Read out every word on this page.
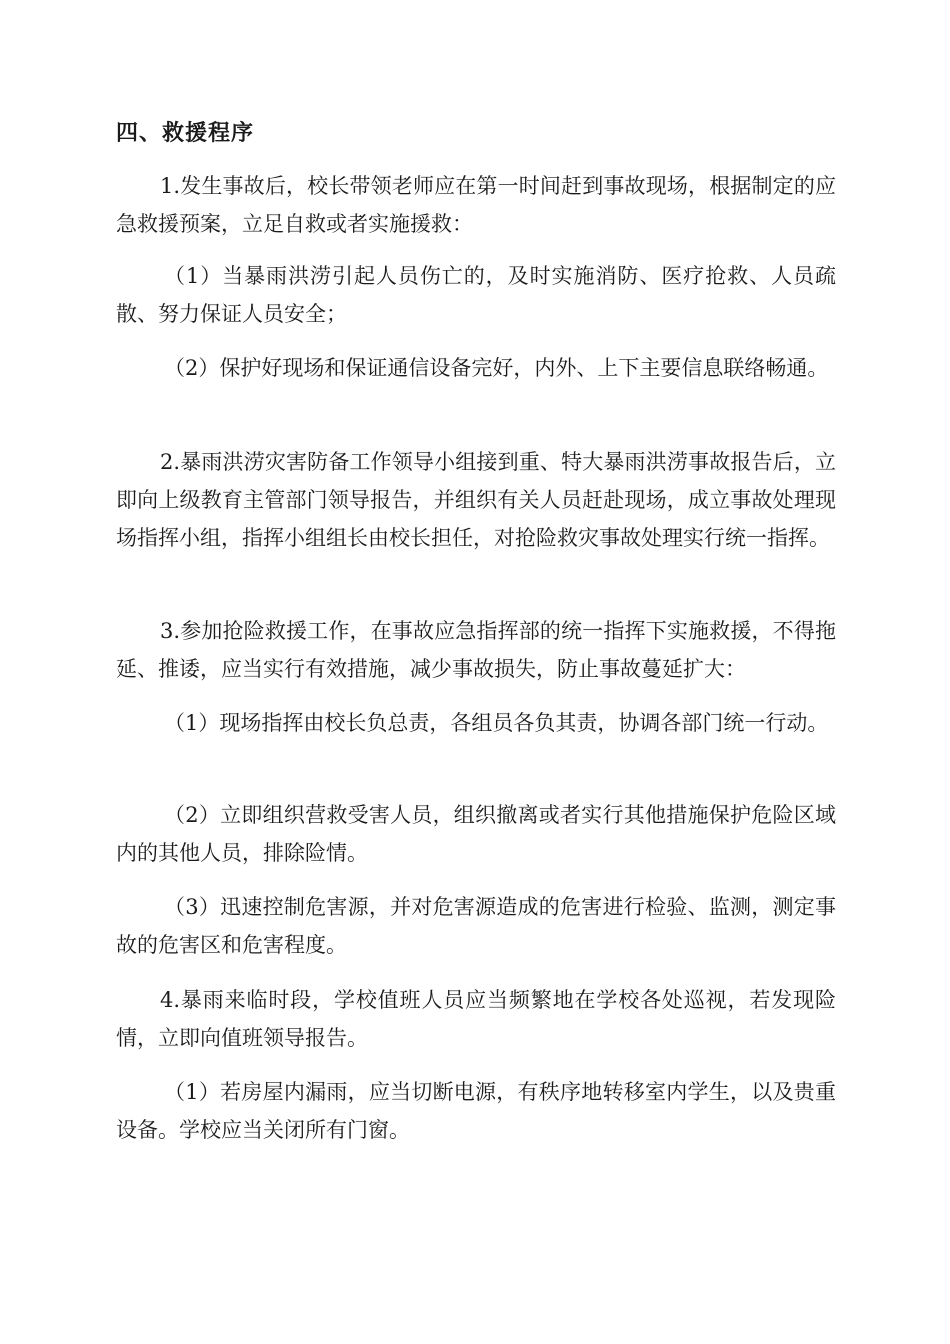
四、救援程序

1.发生事故后，校长带领老师应在第一时间赶到事故现场，根据制定的应急救援预案，立足自救或者实施援救：

（1）当暴雨洪涝引起人员伤亡的，及时实施消防、医疗抢救、人员疏散、努力保证人员安全；

（2）保护好现场和保证通信设备完好，内外、上下主要信息联络畅通。

2.暴雨洪涝灾害防备工作领导小组接到重、特大暴雨洪涝事故报告后，立即向上级教育主管部门领导报告，并组织有关人员赶赴现场，成立事故处理现场指挥小组，指挥小组组长由校长担任，对抢险救灾事故处理实行统一指挥。

3.参加抢险救援工作，在事故应急指挥部的统一指挥下实施救援，不得拖延、推诿，应当实行有效措施，减少事故损失，防止事故蔓延扩大：

（1）现场指挥由校长负总责，各组员各负其责，协调各部门统一行动。

（2）立即组织营救受害人员，组织撤离或者实行其他措施保护危险区域内的其他人员，排除险情。

（3）迅速控制危害源，并对危害源造成的危害进行检验、监测，测定事故的危害区和危害程度。

4.暴雨来临时段，学校值班人员应当频繁地在学校各处巡视，若发现险情，立即向值班领导报告。

（1）若房屋内漏雨，应当切断电源，有秩序地转移室内学生，以及贵重设备。学校应当关闭所有门窗。
